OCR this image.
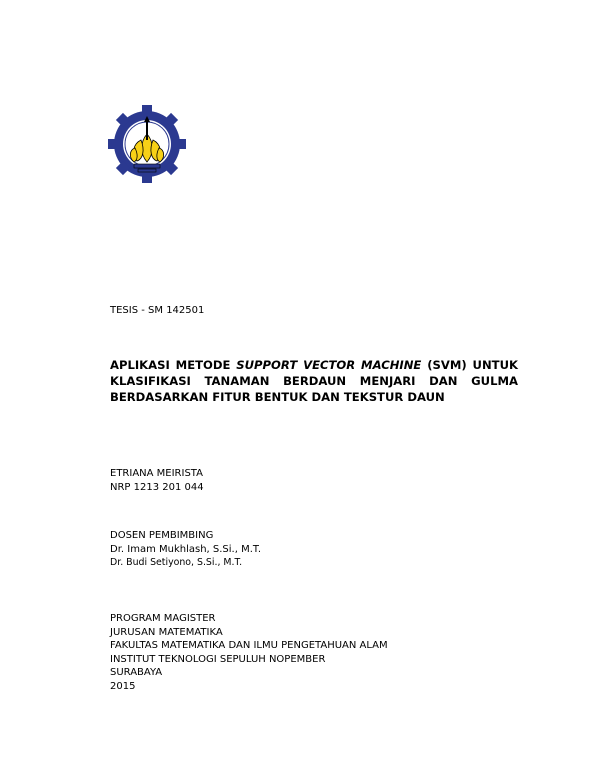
TESIS - SM 142501
APLIKASI METODE SUPPORT VECTOR MACHINE (SVM) UNTUK KLASIFIKASI TANAMAN BERDAUN MENJARI DAN GULMA BERDASARKAN FITUR BENTUK DAN TEKSTUR DAUN
ETRIANA MEIRISTA
NRP 1213 201 044
DOSEN PEMBIMBING
Dr. Imam Mukhlash, S.Si., M.T.
Dr. Budi Setiyono, S.Si., M.T.
PROGRAM MAGISTER
JURUSAN MATEMATIKA
FAKULTAS MATEMATIKA DAN ILMU PENGETAHUAN ALAM
INSTITUT TEKNOLOGI SEPULUH NOPEMBER
SURABAYA
2015
